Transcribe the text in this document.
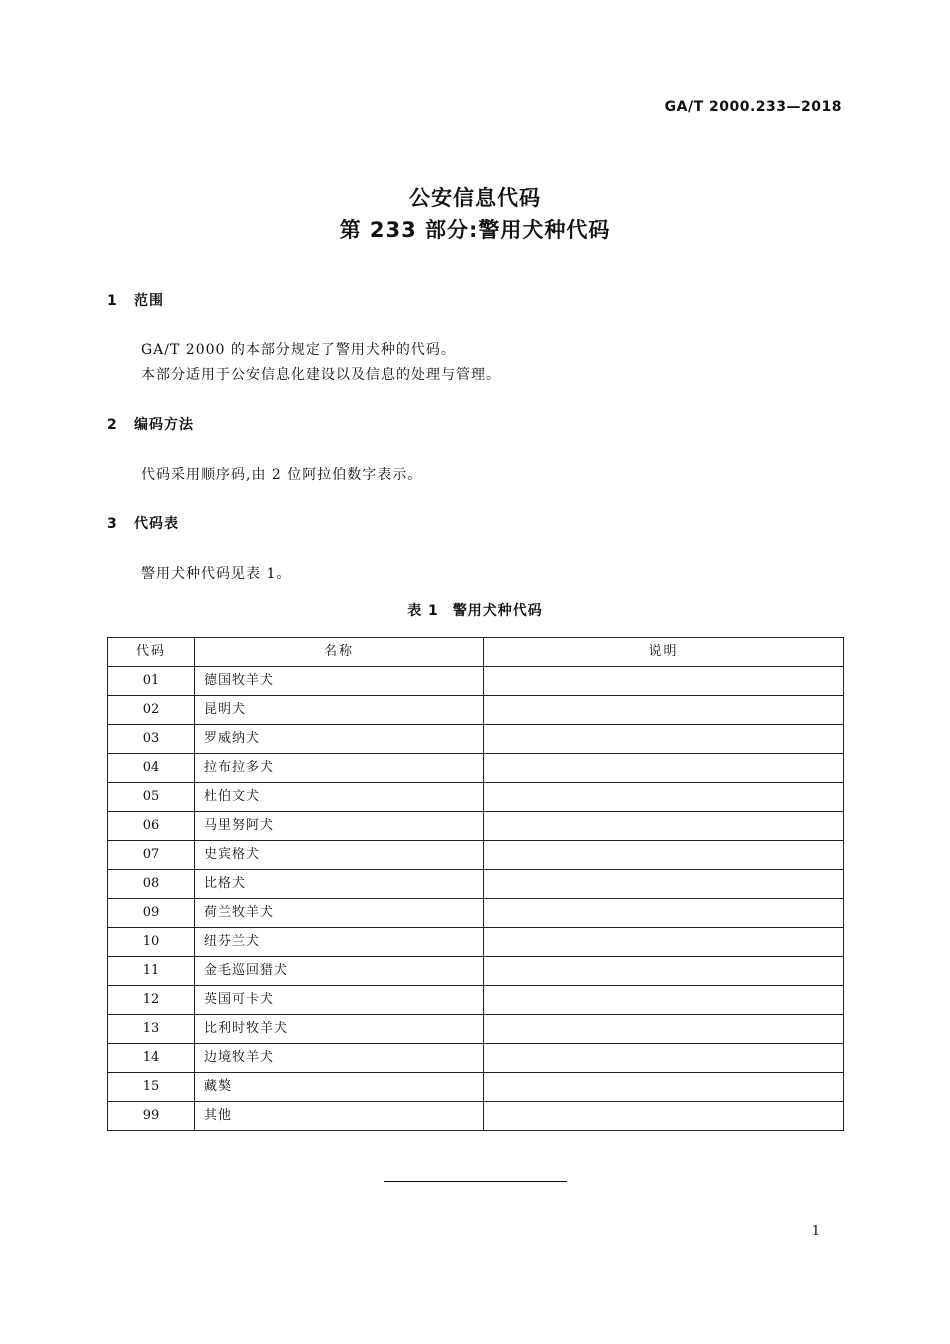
GA/T 2000.233—2018
公安信息代码
第 233 部分:警用犬种代码
1 范围
GA/T 2000 的本部分规定了警用犬种的代码。
本部分适用于公安信息化建设以及信息的处理与管理。
2 编码方法
代码采用顺序码,由 2 位阿拉伯数字表示。
3 代码表
警用犬种代码见表 1。
表 1 警用犬种代码
代码	名称	说明
01	德国牧羊犬	
02	昆明犬	
03	罗威纳犬	
04	拉布拉多犬	
05	杜伯文犬	
06	马里努阿犬	
07	史宾格犬	
08	比格犬	
09	荷兰牧羊犬	
10	纽芬兰犬	
11	金毛巡回猎犬	
12	英国可卡犬	
13	比利时牧羊犬	
14	边境牧羊犬	
15	藏獒	
99	其他	
1
